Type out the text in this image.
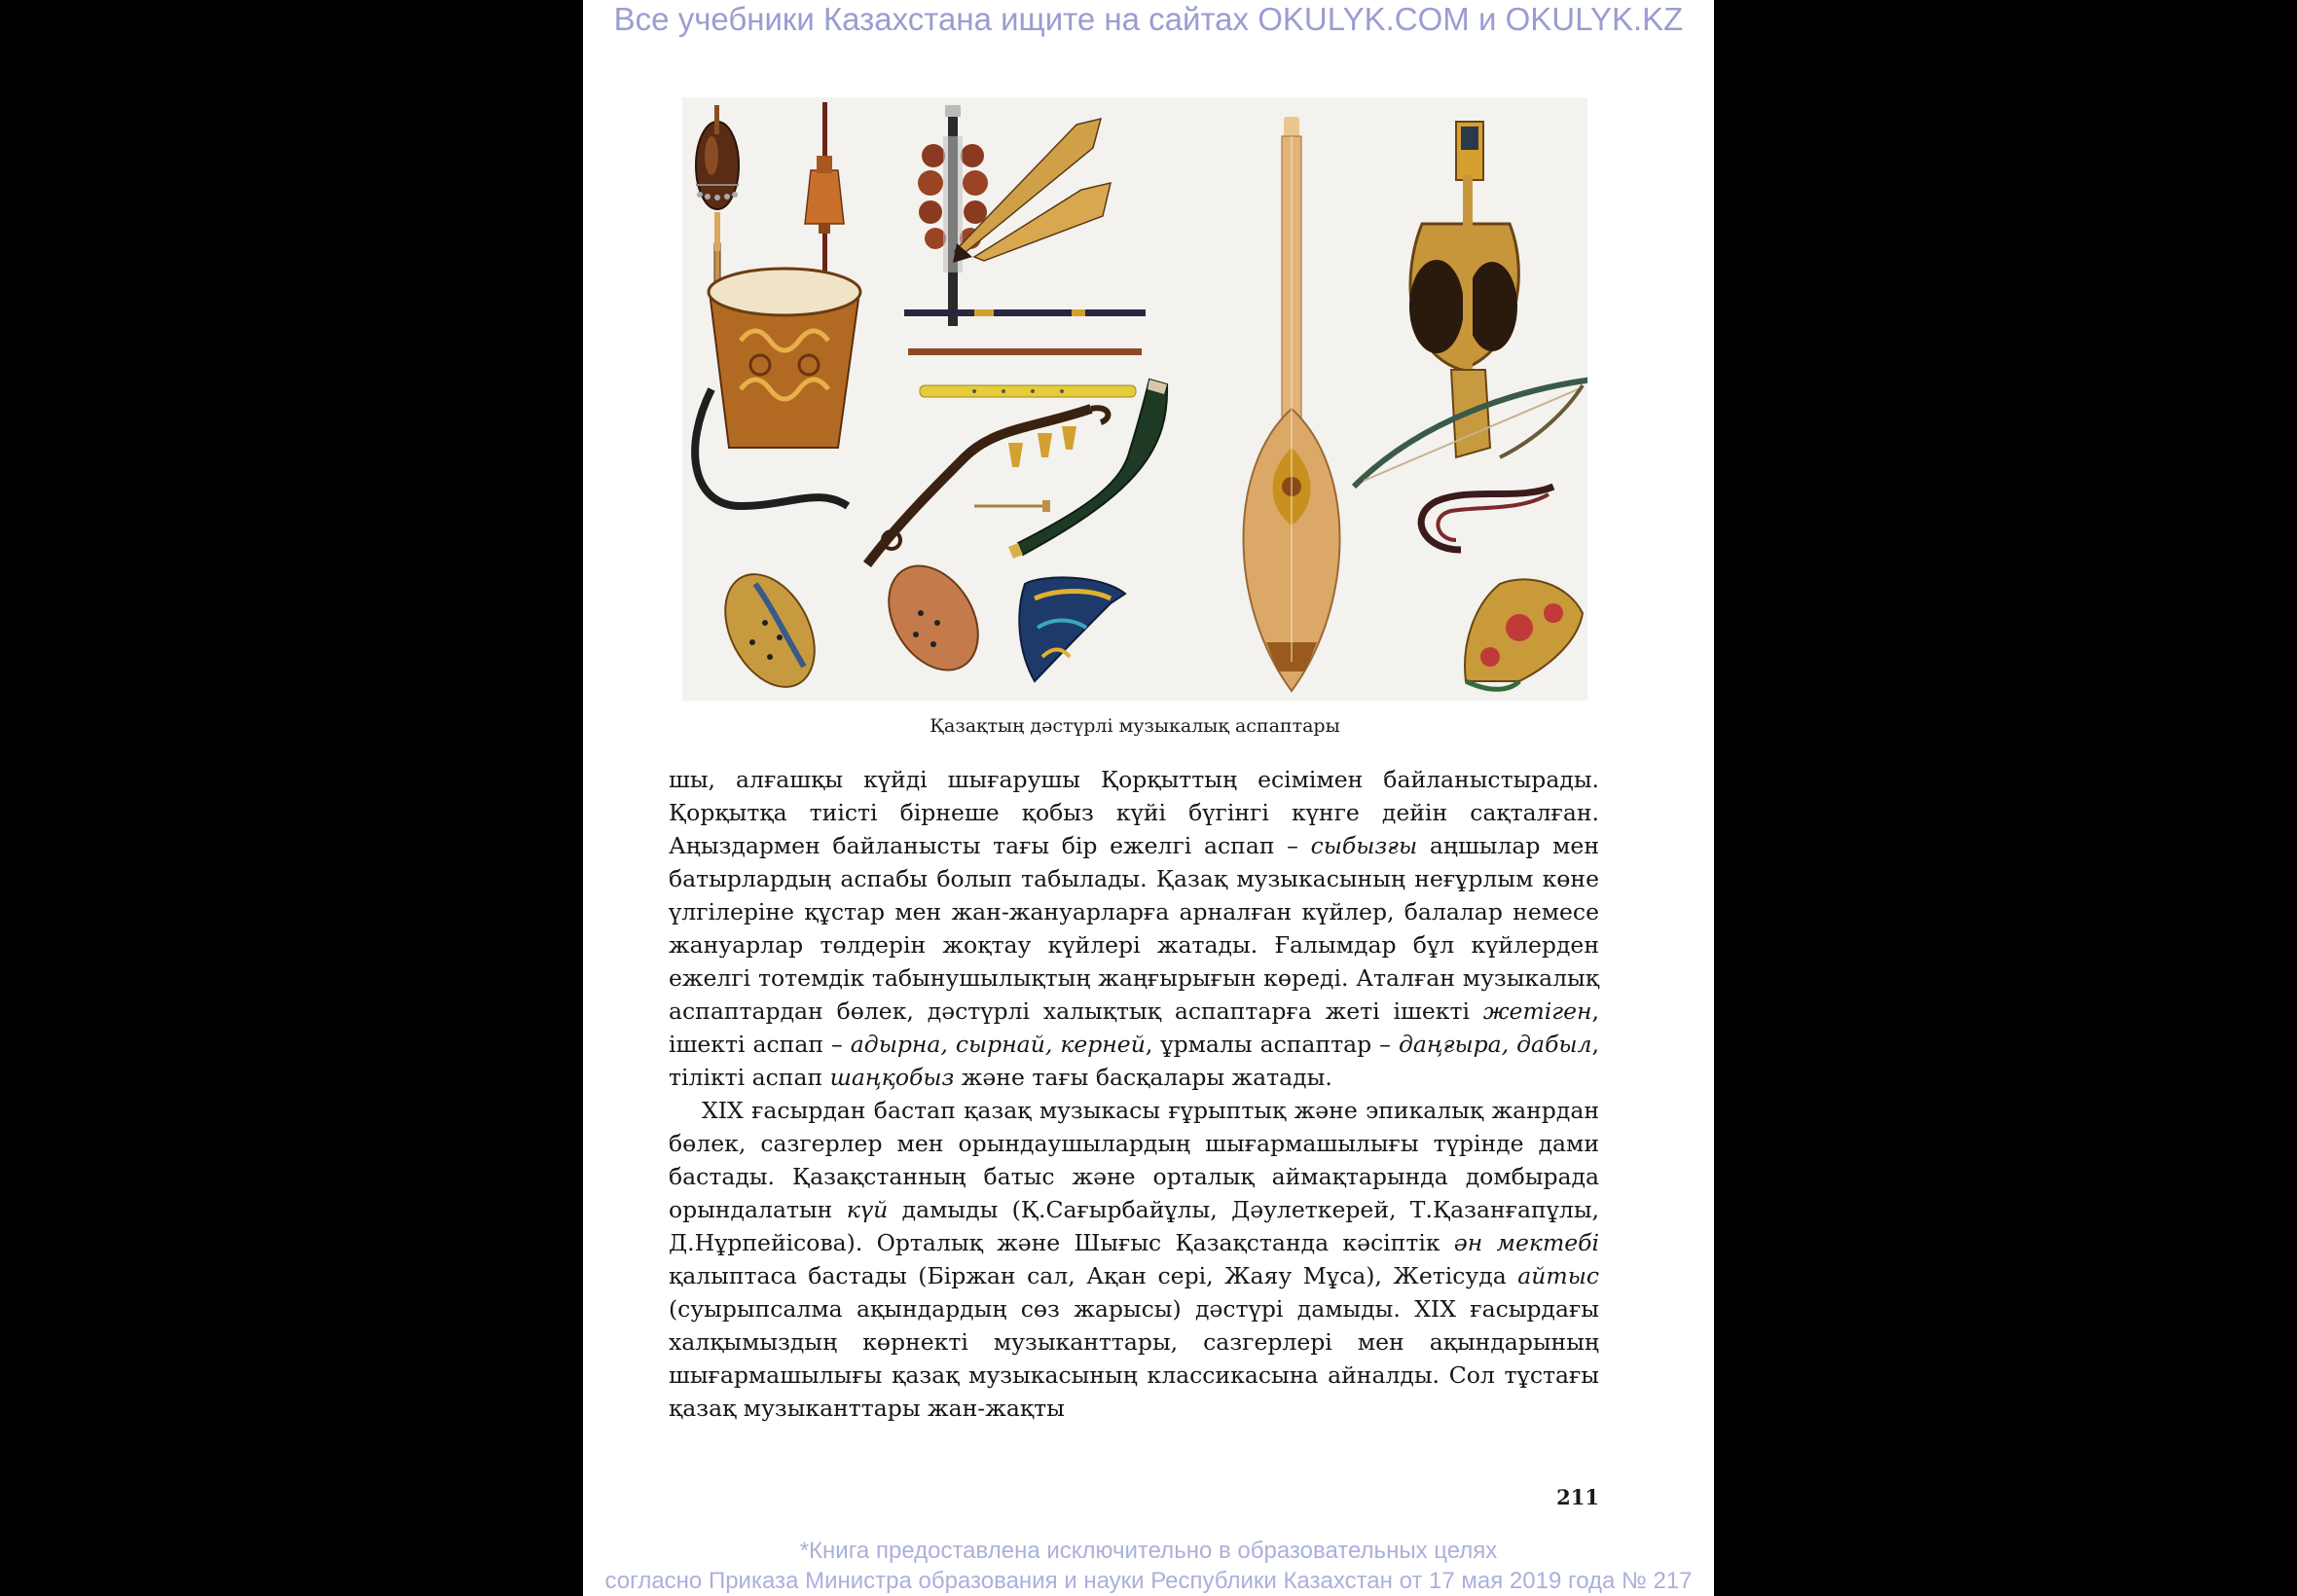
Все учебники Казахстана ищите на сайтах OKULYK.COM и OKULYK.KZ
Қазақтың дәстүрлі музыкалық аспаптары

шы, алғашқы күйді шығарушы Қорқыттың есімімен байланыстырады. Қорқытқа тиісті бірнеше қобыз күйі бүгінгі күнге дейін сақталған. Аңыздармен байланысты тағы бір ежелгі аспап – сыбызғы аңшылар мен батырлардың аспабы болып табылады. Қазақ музыкасының неғұрлым көне үлгілеріне құстар мен жан-жануарларға арналған күйлер, балалар немесе жануарлар төлдерін жоқтау күйлері жатады. Ғалымдар бұл күйлерден ежелгі тотемдік табынушылықтың жаңғырығын көреді. Аталған музыкалық аспаптардан бөлек, дәстүрлі халықтық аспаптарға жеті ішекті жетіген, ішекті аспап – адырна, сырнай, керней, ұрмалы аспаптар – даңғыра, дабыл, тілікті аспап шаңқобыз және тағы басқалары жатады.

XIX ғасырдан бастап қазақ музыкасы ғұрыптық және эпикалық жанрдан бөлек, сазгерлер мен орындаушылардың шығармашылығы түрінде дами бастады. Қазақстанның батыс және орталық аймақтарында домбырада орындалатын күй дамыды (Қ.Сағырбайұлы, Дәулеткерей, Т.Қазанғапұлы, Д.Нұрпейісова). Орталық және Шығыс Қазақстанда кәсіптік ән мектебі қалыптаса бастады (Біржан сал, Ақан сері, Жаяу Мұса), Жетісуда айтыс (суырыпсалма ақындардың сөз жарысы) дәстүрі дамыды. XIX ғасырдағы халқымыздың көрнекті музыканттары, сазгерлері мен ақындарының шығармашылығы қазақ музыкасының классикасына айналды. Сол тұстағы қазақ музыканттары жан-жақты

211
*Книга предоставлена исключительно в образовательных целях
согласно Приказа Министра образования и науки Республики Казахстан от 17 мая 2019 года № 217
